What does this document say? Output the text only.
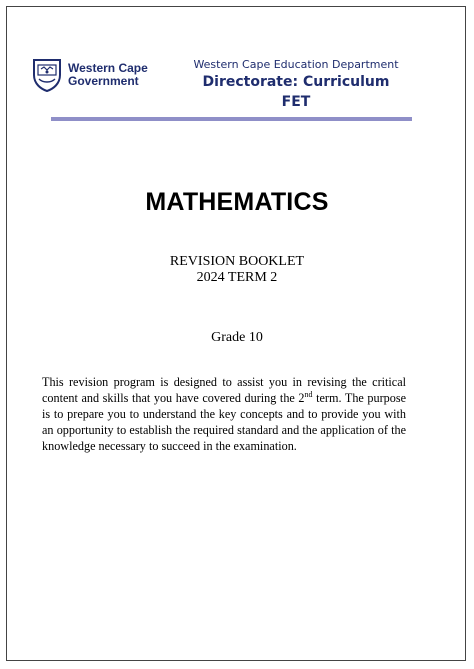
Western Cape
Government
Western Cape Education Department
Directorate: Curriculum FET
MATHEMATICS
REVISION BOOKLET
2024 TERM 2
Grade 10
This revision program is designed to assist you in revising the critical content and skills that you have covered during the 2nd term. The purpose is to prepare you to understand the key concepts and to provide you with an opportunity to establish the required standard and the application of the knowledge necessary to succeed in the examination.
